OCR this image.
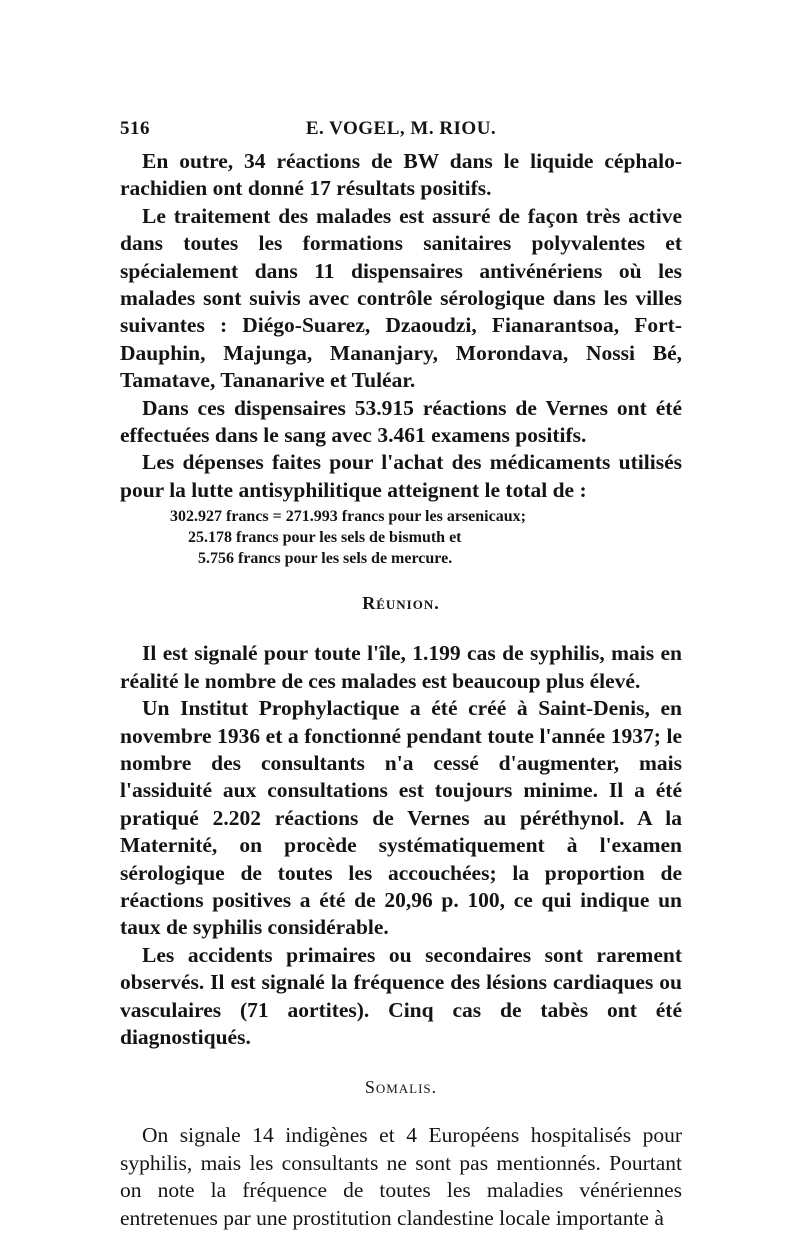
516	E. VOGEL, M. RIOU.

En outre, 34 réactions de BW dans le liquide céphalo-rachidien ont donné 17 résultats positifs.

Le traitement des malades est assuré de façon très active dans toutes les formations sanitaires polyvalentes et spécialement dans 11 dispensaires antivénériens où les malades sont suivis avec contrôle sérologique dans les villes suivantes : Diégo-Suarez, Dzaoudzi, Fianarantsoa, Fort-Dauphin, Majunga, Mananjary, Morondava, Nossi Bé, Tamatave, Tananarive et Tuléar.

Dans ces dispensaires 53.915 réactions de Vernes ont été effectuées dans le sang avec 3.461 examens positifs.

Les dépenses faites pour l'achat des médicaments utilisés pour la lutte antisyphilitique atteignent le total de :

302.927 francs = 271.993 francs pour les arsenicaux;
25.178 francs pour les sels de bismuth et
5.756 francs pour les sels de mercure.
Réunion.

Il est signalé pour toute l'île, 1.199 cas de syphilis, mais en réalité le nombre de ces malades est beaucoup plus élevé.

Un Institut Prophylactique a été créé à Saint-Denis, en novembre 1936 et a fonctionné pendant toute l'année 1937; le nombre des consultants n'a cessé d'augmenter, mais l'assiduité aux consultations est toujours minime. Il a été pratiqué 2.202 réactions de Vernes au péréthynol. A la Maternité, on procède systématiquement à l'examen sérologique de toutes les accouchées; la proportion de réactions positives a été de 20,96 p. 100, ce qui indique un taux de syphilis considérable.

Les accidents primaires ou secondaires sont rarement observés. Il est signalé la fréquence des lésions cardiaques ou vasculaires (71 aortites). Cinq cas de tabès ont été diagnostiqués.

Somalis.

On signale 14 indigènes et 4 Européens hospitalisés pour syphilis, mais les consultants ne sont pas mentionnés. Pourtant on note la fréquence de toutes les maladies vénériennes entretenues par une prostitution clandestine locale importante à
